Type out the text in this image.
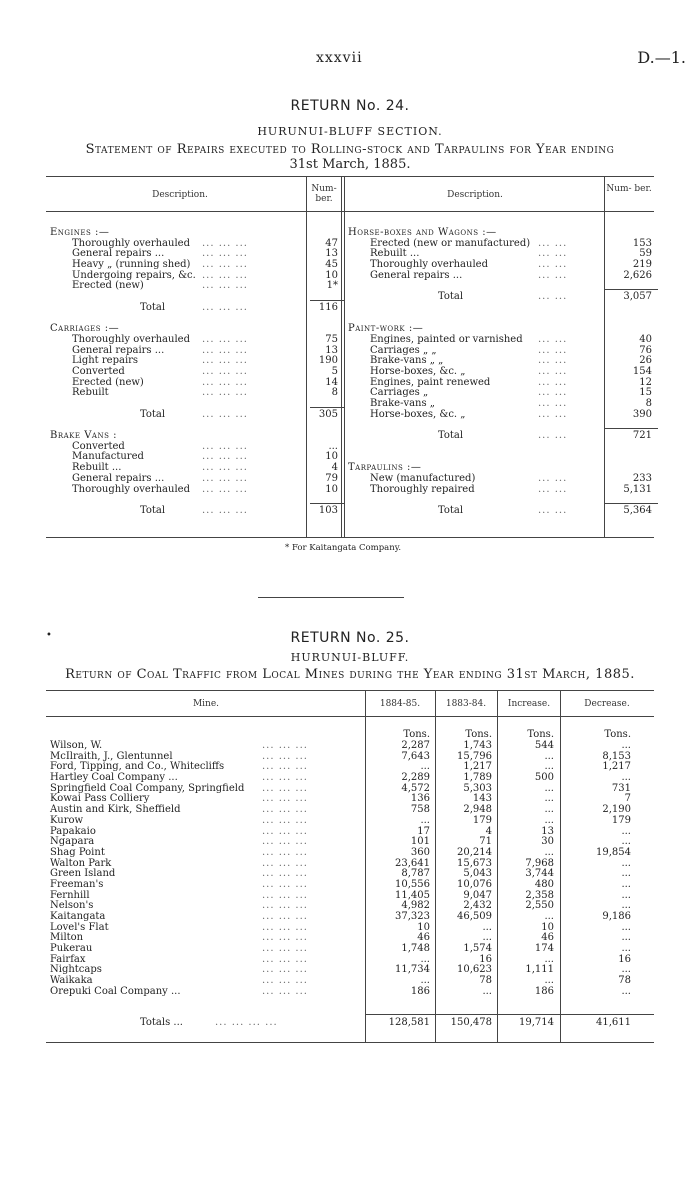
xxxvii	D.—1.
RETURN No. 24.
HURUNUI-BLUFF SECTION.
Statement of Repairs executed to Rolling-stock and Tarpaulins for Year ending
31st March, 1885.
Description.
Num- ber.	Description.
Num- ber.
Engines :—
Thoroughly overhauled ... ... ...	47
General repairs ...	... ... ...	13
Heavy „ (running shed) ... ... ...	45
Undergoing repairs, &c. ... ... ...	10
Erected (new)	... ... ...	1*
Total	... ... ...	116
Carriages :—
Thoroughly overhauled ... ... ...	75
General repairs ...	... ... ...	13
Light repairs	... ... ...	190
Converted	... ... ...	5
Erected (new)	... ... ...	14
Rebuilt	... ... ...	8
Total	... ... ...	305
Brake Vans :
Converted	... ... ...	...
Manufactured	... ... ...	10
Rebuilt ...	... ... ...	4
General repairs ...	... ... ...	79
Thoroughly overhauled ... ... ...	10
Total	... ... ...	103
Horse-boxes and Wagons :—
Erected (new or manufactured) ... ...	153
Rebuilt ...	... ...	59
Thoroughly overhauled	... ...	219
General repairs ...	... ...	2,626
Total	... ...	3,057
Paint-work :—
Engines, painted or varnished ... ...	40
Carriages „ „	... ...	76
Brake-vans „ „	... ...	26
Horse-boxes, &c. „	... ...	154
Engines, paint renewed	... ...	12
Carriages „	... ...	15
Brake-vans „	... ...	8
Horse-boxes, &c. „	... ...	390
Total	... ...	721
Tarpaulins :—
New (manufactured)	... ...	233
Thoroughly repaired	... ...	5,131
Total	... ...	5,364
* For Kaitangata Company.
•	RETURN No. 25.
HURUNUI-BLUFF.
Return of Coal Traffic from Local Mines during the Year ending 31st March, 1885.
Mine.	1884-85.	1883-84.	Increase.	Decrease.
Tons.	Tons.	Tons.	Tons.
... ... ...
Wilson, W.	2,287	1,743	544	...
... ... ...
McIlraith, J., Glentunnel	7,643	15,796	...	8,153
... ... ...
Ford, Tipping, and Co., Whitecliffs	...	1,217	...	1,217
... ... ...
Hartley Coal Company ...	2,289	1,789	500	...
... ... ...
Springfield Coal Company, Springfield	4,572	5,303	...	731
... ... ...
Kowai Pass Colliery	136	143	...	7
... ... ...
Austin and Kirk, Sheffield	758	2,948	...	2,190
... ... ...
Kurow	...	179	...	179
... ... ...
Papakaio	17	4	13	...
... ... ...
Ngapara	101	71	30	...
... ... ...
Shag Point	360	20,214	...	19,854
... ... ...
Walton Park	23,641	15,673	7,968	...
... ... ...
Green Island	8,787	5,043	3,744	...
... ... ...
Freeman's	10,556	10,076	480	...
... ... ...
Fernhill	11,405	9,047	2,358	...
... ... ...
Nelson's	4,982	2,432	2,550	...
... ... ...
Kaitangata	37,323	46,509	...	9,186
... ... ...
Lovel's Flat	10	...	10	...
... ... ...
Milton	46	...	46	...
... ... ...
Pukerau	1,748	1,574	174	...
... ... ...
Fairfax	...	16	...	16
... ... ...
Nightcaps	11,734	10,623	1,111	...
... ... ...
Waikaka	...	78	...	78
... ... ...
Orepuki Coal Company ...	186	...	186	...
Totals ...	... ... ... ...	128,581	150,478	19,714	41,611
